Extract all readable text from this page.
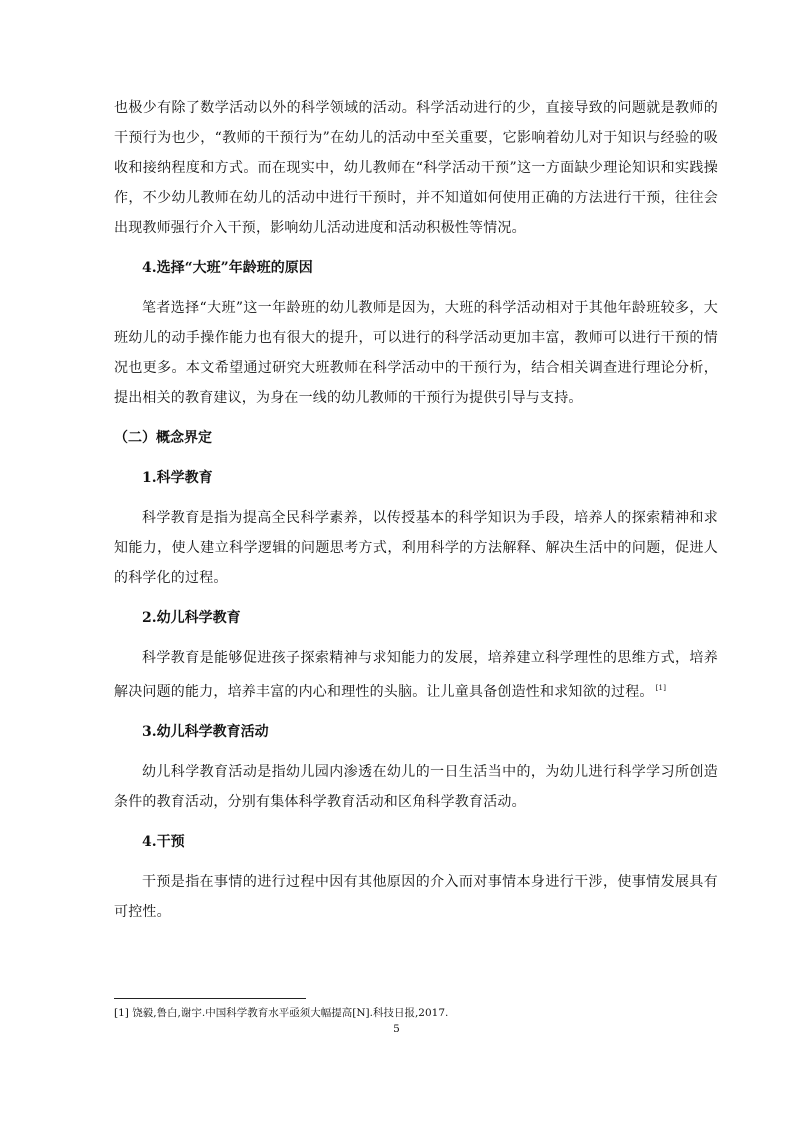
也极少有除了数学活动以外的科学领域的活动。科学活动进行的少，直接导致的问题就是教师的干预行为也少，“教师的干预行为”在幼儿的活动中至关重要，它影响着幼儿对于知识与经验的吸收和接纳程度和方式。而在现实中，幼儿教师在“科学活动干预”这一方面缺少理论知识和实践操作，不少幼儿教师在幼儿的活动中进行干预时，并不知道如何使用正确的方法进行干预，往往会出现教师强行介入干预，影响幼儿活动进度和活动积极性等情况。

4.选择“大班”年龄班的原因

笔者选择“大班”这一年龄班的幼儿教师是因为，大班的科学活动相对于其他年龄班较多，大班幼儿的动手操作能力也有很大的提升，可以进行的科学活动更加丰富，教师可以进行干预的情况也更多。本文希望通过研究大班教师在科学活动中的干预行为，结合相关调查进行理论分析，提出相关的教育建议，为身在一线的幼儿教师的干预行为提供引导与支持。

（二）概念界定

1.科学教育

科学教育是指为提高全民科学素养，以传授基本的科学知识为手段，培养人的探索精神和求知能力，使人建立科学逻辑的问题思考方式，利用科学的方法解释、解决生活中的问题，促进人的科学化的过程。

2.幼儿科学教育

科学教育是能够促进孩子探索精神与求知能力的发展，培养建立科学理性的思维方式，培养解决问题的能力，培养丰富的内心和理性的头脑。让儿童具备创造性和求知欲的过程。 [1]

3.幼儿科学教育活动

幼儿科学教育活动是指幼儿园内渗透在幼儿的一日生活当中的，为幼儿进行科学学习所创造条件的教育活动，分别有集体科学教育活动和区角科学教育活动。

4.干预

干预是指在事情的进行过程中因有其他原因的介入而对事情本身进行干涉，使事情发展具有可控性。

[1] 饶毅,鲁白,谢宇.中国科学教育水平亟须大幅提高[N].科技日报,2017.
5
